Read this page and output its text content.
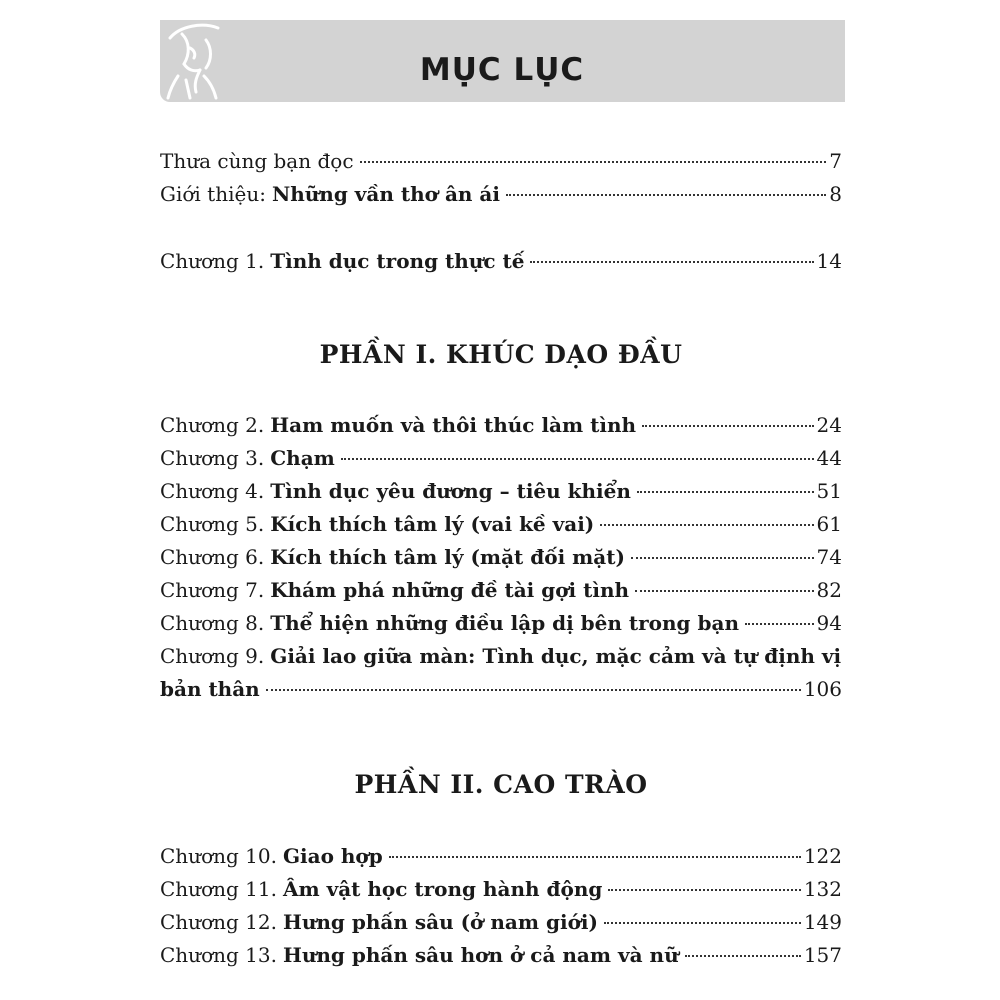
MỤC LỤC
Thưa cùng bạn đọc	7
Giới thiệu: Những vần thơ ân ái	8
Chương 1. Tình dục trong thực tế	14
PHẦN I. KHÚC DẠO ĐẦU
Chương 2. Ham muốn và thôi thúc làm tình	24
Chương 3. Chạm	44
Chương 4. Tình dục yêu đương – tiêu khiển	51
Chương 5. Kích thích tâm lý (vai kề vai)	61
Chương 6. Kích thích tâm lý (mặt đối mặt)	74
Chương 7. Khám phá những đề tài gợi tình	82
Chương 8. Thể hiện những điều lập dị bên trong bạn	94
Chương 9. Giải lao giữa màn: Tình dục, mặc cảm và tự định vị
bản thân	106
PHẦN II. CAO TRÀO
Chương 10. Giao hợp	122
Chương 11. Âm vật học trong hành động	132
Chương 12. Hưng phấn sâu (ở nam giới)	149
Chương 13. Hưng phấn sâu hơn ở cả nam và nữ	157
